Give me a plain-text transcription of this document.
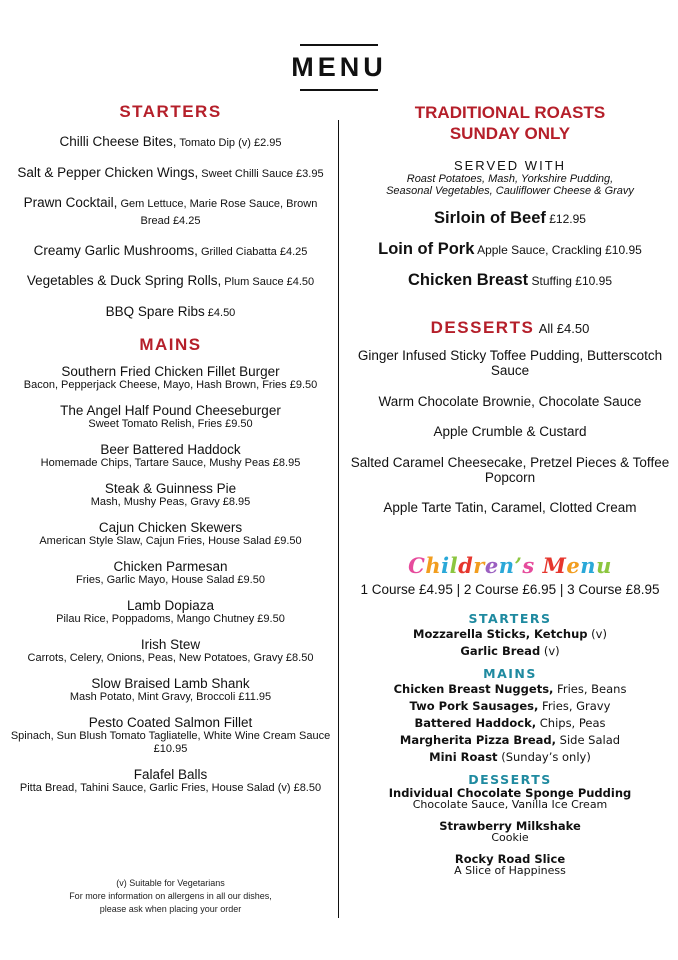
MENU
STARTERS
Chilli Cheese Bites, Tomato Dip (v) £2.95
Salt & Pepper Chicken Wings, Sweet Chilli Sauce £3.95
Prawn Cocktail, Gem Lettuce, Marie Rose Sauce, Brown Bread £4.25
Creamy Garlic Mushrooms, Grilled Ciabatta £4.25
Vegetables & Duck Spring Rolls, Plum Sauce £4.50
BBQ Spare Ribs £4.50
MAINS
Southern Fried Chicken Fillet Burger
Bacon, Pepperjack Cheese, Mayo, Hash Brown, Fries £9.50
The Angel Half Pound Cheeseburger
Sweet Tomato Relish, Fries £9.50
Beer Battered Haddock
Homemade Chips, Tartare Sauce, Mushy Peas £8.95
Steak & Guinness Pie
Mash, Mushy Peas, Gravy £8.95
Cajun Chicken Skewers
American Style Slaw, Cajun Fries, House Salad £9.50
Chicken Parmesan
Fries, Garlic Mayo, House Salad £9.50
Lamb Dopiaza
Pilau Rice, Poppadoms, Mango Chutney £9.50
Irish Stew
Carrots, Celery, Onions, Peas, New Potatoes, Gravy £8.50
Slow Braised Lamb Shank
Mash Potato, Mint Gravy, Broccoli £11.95
Pesto Coated Salmon Fillet
Spinach, Sun Blush Tomato Tagliatelle, White Wine Cream Sauce £10.95
Falafel Balls
Pitta Bread, Tahini Sauce, Garlic Fries, House Salad (v) £8.50
(v) Suitable for Vegetarians
For more information on allergens in all our dishes,
please ask when placing your order
TRADITIONAL ROASTS
SUNDAY ONLY
SERVED WITH
Roast Potatoes, Mash, Yorkshire Pudding,
Seasonal Vegetables, Cauliflower Cheese & Gravy
Sirloin of Beef £12.95
Loin of Pork Apple Sauce, Crackling £10.95
Chicken Breast Stuffing £10.95
DESSERTS All £4.50
Ginger Infused Sticky Toffee Pudding, Butterscotch Sauce
Warm Chocolate Brownie, Chocolate Sauce
Apple Crumble & Custard
Salted Caramel Cheesecake, Pretzel Pieces & Toffee Popcorn
Apple Tarte Tatin, Caramel, Clotted Cream
Children’s Menu
1 Course £4.95 | 2 Course £6.95 | 3 Course £8.95
STARTERS
Mozzarella Sticks, Ketchup (v)
Garlic Bread (v)
MAINS
Chicken Breast Nuggets, Fries, Beans
Two Pork Sausages, Fries, Gravy
Battered Haddock, Chips, Peas
Margherita Pizza Bread, Side Salad
Mini Roast (Sunday’s only)
DESSERTS
Individual Chocolate Sponge Pudding
Chocolate Sauce, Vanilla Ice Cream
Strawberry Milkshake
Cookie
Rocky Road Slice
A Slice of Happiness
